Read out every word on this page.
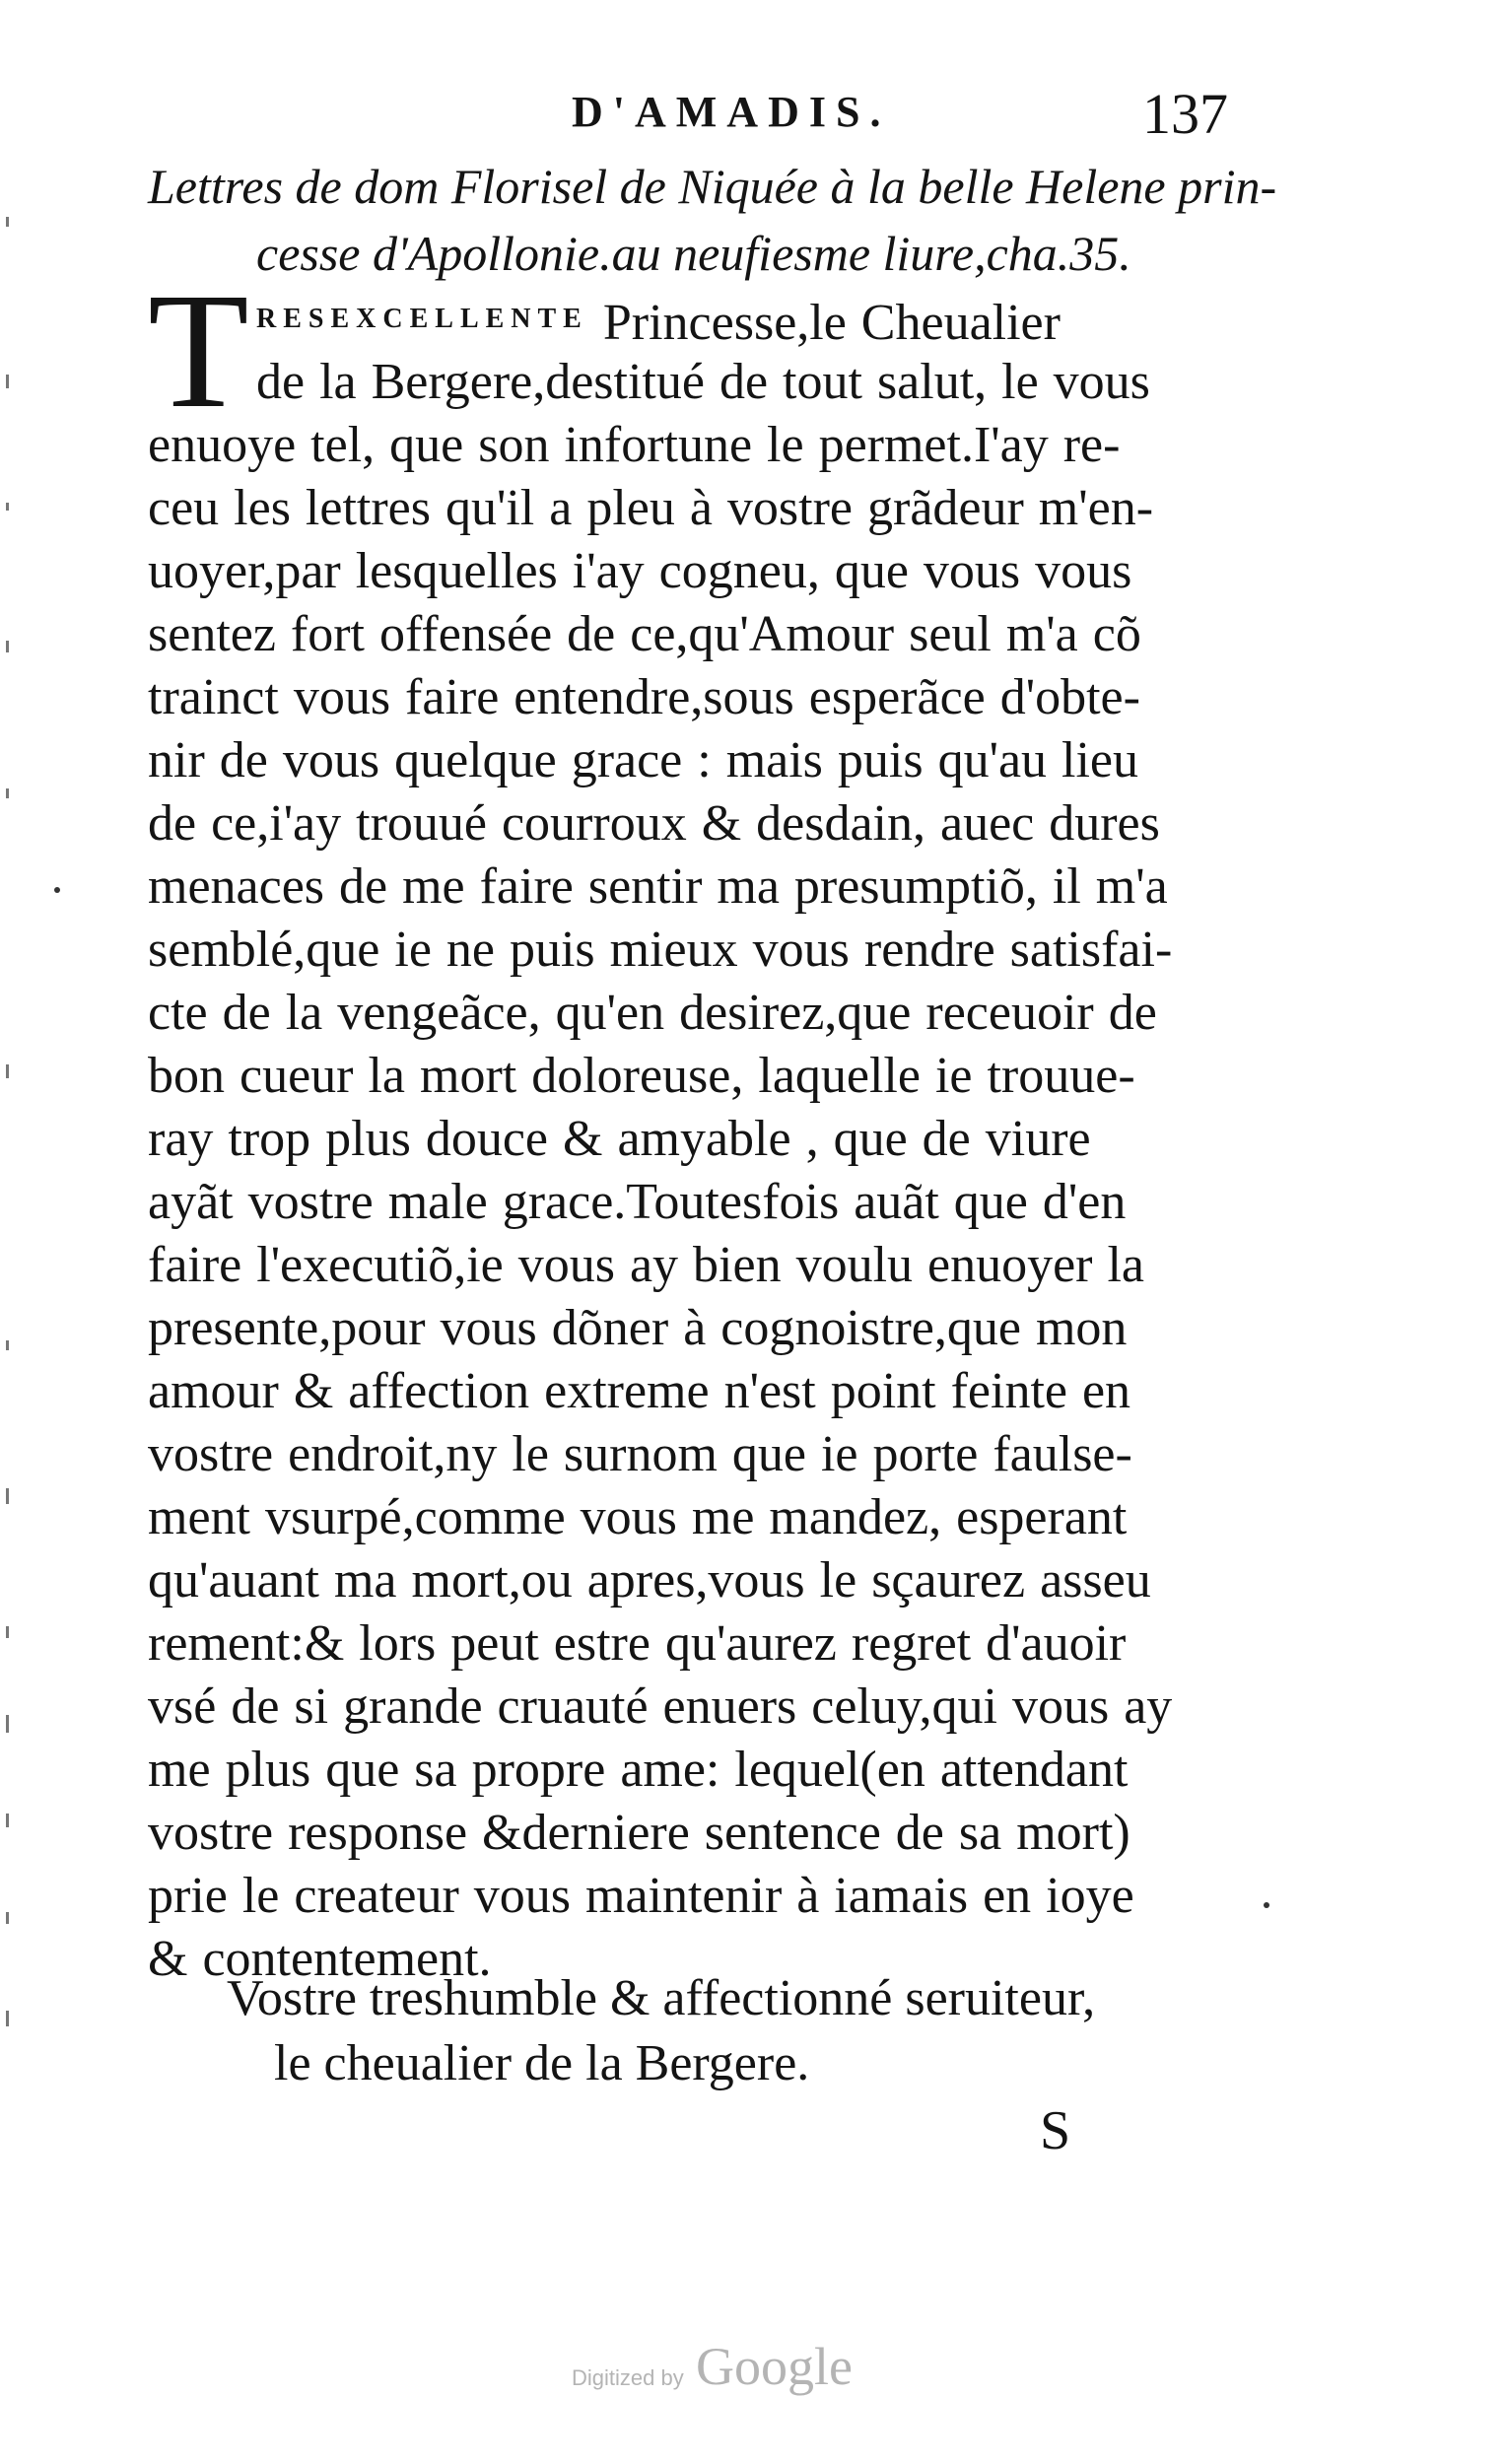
D'AMADIS.	137
Lettres de dom Florisel de Niquée à la belle Helene prin-
cesse d'Apollonie.au neufiesme liure,cha.35.
T $^{RESEXCELLENTE}$ Princesse,le Cheualier
de la Bergere,destitué de tout salut, le vous
enuoye tel, que son infortune le permet.I'ay re-
ceu les lettres qu'il a pleu à vostre grãdeur m'en-
uoyer,par lesquelles i'ay cogneu, que vous vous
sentez fort offensée de ce,qu'Amour seul m'a cõ
trainct vous faire entendre,sous esperãce d'obte-
nir de vous quelque grace : mais puis qu'au lieu
de ce,i'ay trouué courroux & desdain, auec dures
menaces de me faire sentir ma presumptiõ, il m'a
semblé,que ie ne puis mieux vous rendre satisfai-
cte de la vengeãce, qu'en desirez,que receuoir de
bon cueur la mort doloreuse, laquelle ie trouue-
ray trop plus douce & amyable , que de viure
ayãt vostre male grace.Toutesfois auãt que d'en
faire l'executiõ,ie vous ay bien voulu enuoyer la
presente,pour vous dõner à cognoistre,que mon
amour & affection extreme n'est point feinte en
vostre endroit,ny le surnom que ie porte faulse-
ment vsurpé,comme vous me mandez, esperant
qu'auant ma mort,ou apres,vous le sçaurez asseu
rement:& lors peut estre qu'aurez regret d'auoir
vsé de si grande cruauté enuers celuy,qui vous ay
me plus que sa propre ame: lequel(en attendant
vostre response &derniere sentence de sa mort)
prie le createur vous maintenir à iamais en ioye
& contentement.
Vostre treshumble & affectionné seruiteur,
le cheualier de la Bergere.
S
Digitized by Google
